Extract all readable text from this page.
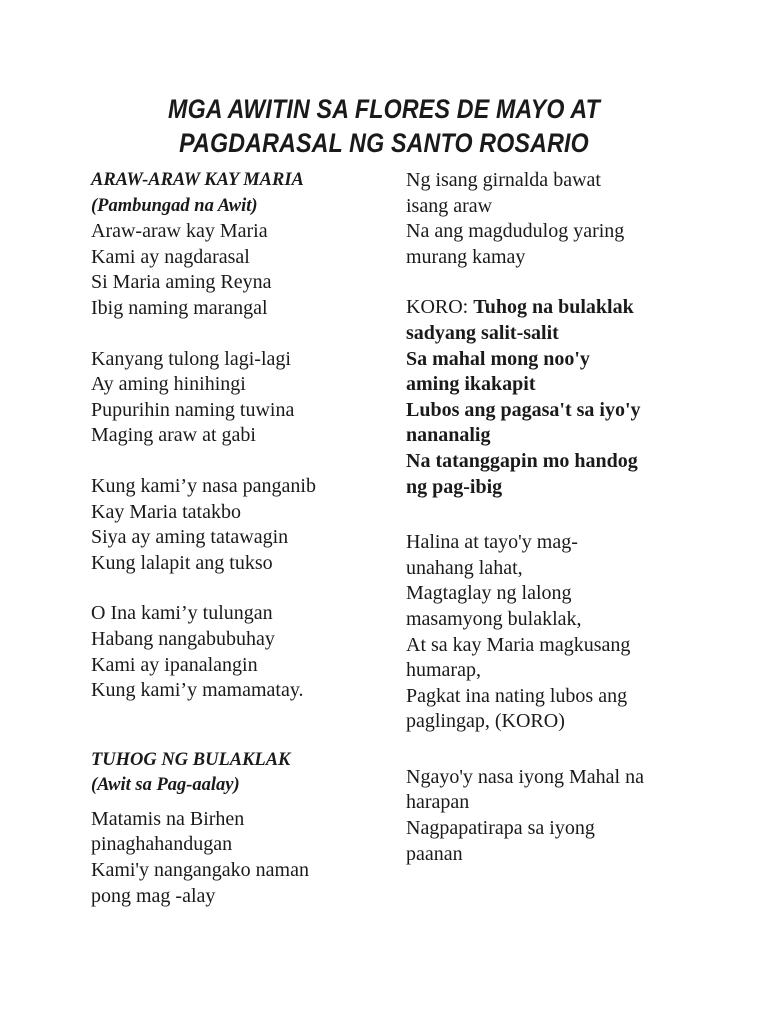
MGA AWITIN SA FLORES DE MAYO AT
PAGDARASAL NG SANTO ROSARIO
ARAW-ARAW KAY MARIA
(Pambungad na Awit)
Araw-araw kay Maria
Kami ay nagdarasal
Si Maria aming Reyna
Ibig naming marangal
Kanyang tulong lagi-lagi
Ay aming hinihingi
Pupurihin naming tuwina
Maging araw at gabi
Kung kami’y nasa panganib
Kay Maria tatakbo
Siya ay aming tatawagin
Kung lalapit ang tukso
O Ina kami’y tulungan
Habang nangabubuhay
Kami ay ipanalangin
Kung kami’y mamamatay.
TUHOG NG BULAKLAK
(Awit sa Pag-aalay)
Matamis na Birhen
pinaghahandugan
Kami'y nangangako naman
pong mag -alay
Ng isang girnalda bawat
isang araw
Na ang magdudulog yaring
murang kamay
KORO: Tuhog na bulaklak
sadyang salit-salit
Sa mahal mong noo'y
aming ikakapit
Lubos ang pagasa't sa iyo'y
nananalig
Na tatanggapin mo handog
ng pag-ibig
Halina at tayo'y mag-
unahang lahat,
Magtaglay ng lalong
masamyong bulaklak,
At sa kay Maria magkusang
humarap,
Pagkat ina nating lubos ang
paglingap, (KORO)
Ngayo'y nasa iyong Mahal na
harapan
Nagpapatirapa sa iyong
paanan
